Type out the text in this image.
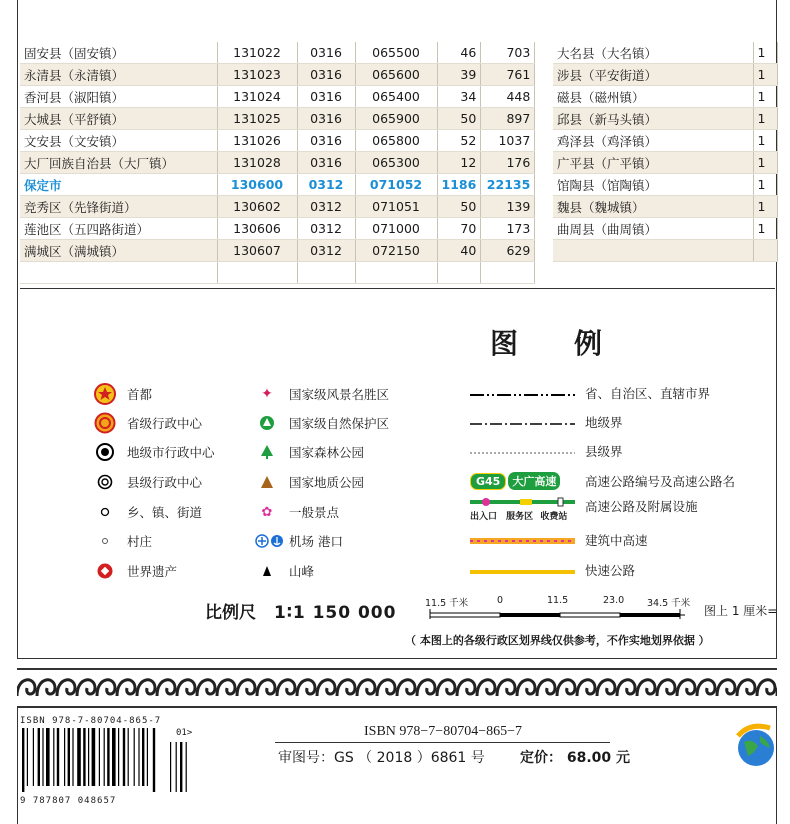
固安县（固安镇）	131022	0316	065500	46	703
永清县（永清镇）	131023	0316	065600	39	761
香河县（淑阳镇）	131024	0316	065400	34	448
大城县（平舒镇）	131025	0316	065900	50	897
文安县（文安镇）	131026	0316	065800	52	1037
大厂回族自治县（大厂镇）	131028	0316	065300	12	176
保定市	130600	0312	071052	1186	22135
竞秀区（先锋街道）	130602	0312	071051	50	139
莲池区（五四路街道）	130606	0312	071000	70	173
满城区（满城镇）	130607	0312	072150	40	629

大名县（大名镇）	1
涉县（平安街道）	1
磁县（磁州镇）	1
邱县（新马头镇）	1
鸡泽县（鸡泽镇）	1
广平县（广平镇）	1
馆陶县（馆陶镇）	1
魏县（魏城镇）	1
曲周县（曲周镇）	1

图例
首都
省级行政中心
地级市行政中心
县级行政中心
乡、镇、街道
村庄
世界遗产
✦	国家级风景名胜区
国家级自然保护区
国家森林公园
国家地质公园
✿	一般景点
机场 港口
山峰
省、自治区、直辖市界
地级界
县级界
G45	大广高速	高速公路编号及高速公路名
出入口 服务区 收费站
高速公路及附属设施
建筑中高速
快速公路
比例尺 1∶1 150 000	11.5 千米	0	11.5	23.0 34.5 千米
图上 1 厘米=
（ 本图上的各级行政区划界线仅供参考，不作实地划界依据 ）
ISBN 978-7-80704-865-7
01>
9 787807 048657
ISBN 978−7−80704−865−7
审图号：GS （ 2018 ）6861 号	定价： 68.00 元
